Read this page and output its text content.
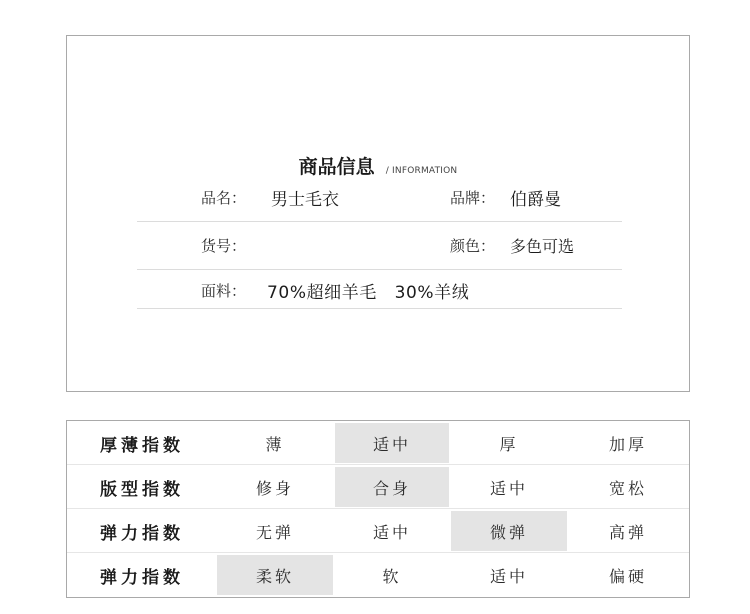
商品信息 / INFORMATION
品名： 男士毛衣	品牌： 伯爵曼
货号：	颜色： 多色可选
面料： 70%超细羊毛　30%羊绒
厚薄指数	薄	适中	厚	加厚
版型指数	修身	合身	适中	宽松
弹力指数	无弹	适中	微弹	高弹
弹力指数	柔软	软	适中	偏硬
